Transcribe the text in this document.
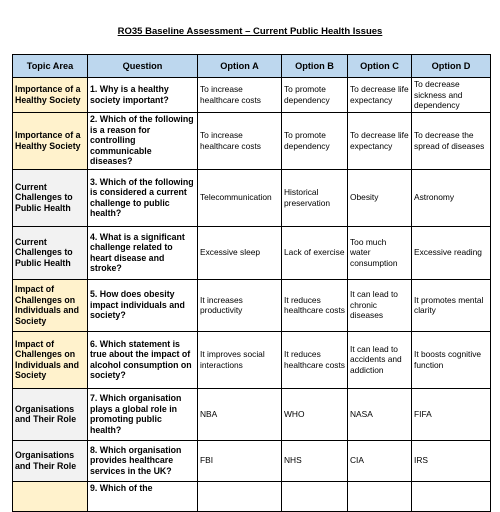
RO35 Baseline Assessment – Current Public Health Issues
Topic Area	Question	Option A	Option B	Option C	Option D
Importance of a Healthy Society	1. Why is a healthy society important?	To increase healthcare costs	To promote dependency	To decrease life expectancy	To decrease sickness and dependency
Importance of a Healthy Society	2. Which of the following is a reason for controlling communicable diseases?	To increase healthcare costs	To promote dependency	To decrease life expectancy	To decrease the spread of diseases
Current Challenges to Public Health	3. Which of the following is considered a current challenge to public health?	Telecommunication	Historical preservation	Obesity	Astronomy
Current Challenges to Public Health	4. What is a significant challenge related to heart disease and stroke?	Excessive sleep	Lack of exercise	Too much water consumption	Excessive reading
Impact of Challenges on Individuals and Society	5. How does obesity impact individuals and society?	It increases productivity	It reduces healthcare costs	It can lead to chronic diseases	It promotes mental clarity
Impact of Challenges on Individuals and Society	6. Which statement is true about the impact of alcohol consumption on society?	It improves social interactions	It reduces healthcare costs	It can lead to accidents and addiction	It boosts cognitive function
Organisations and Their Role	7. Which organisation plays a global role in promoting public health?	NBA	WHO	NASA	FIFA
Organisations and Their Role	8. Which organisation provides healthcare services in the UK?	FBI	NHS	CIA	IRS
	9. Which of the				
